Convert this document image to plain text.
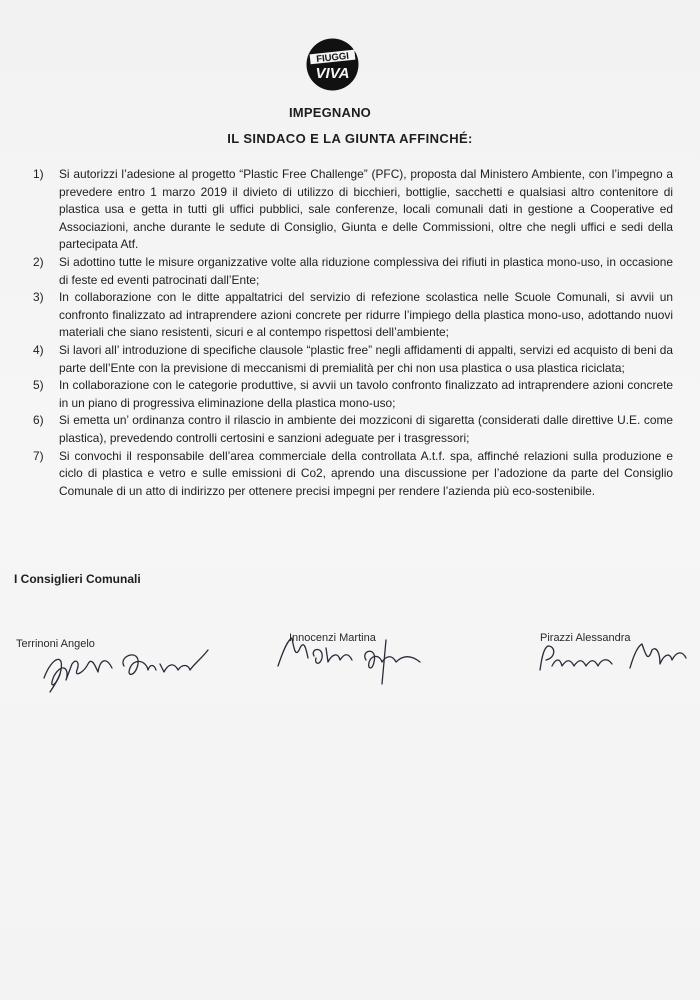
FIUGGI
VIVA
IMPEGNANO
IL SINDACO E LA GIUNTA AFFINCHÉ:
1)	Si autorizzi l’adesione al progetto “Plastic Free Challenge” (PFC), proposta dal Ministero Ambiente, con l’impegno a prevedere entro 1 marzo 2019 il divieto di utilizzo di bicchieri, bottiglie, sacchetti e qualsiasi altro contenitore di plastica usa e getta in tutti gli uffici pubblici, sale conferenze, locali comunali dati in gestione a Cooperative ed Associazioni, anche durante le sedute di Consiglio, Giunta e delle Commissioni, oltre che negli uffici e sedi della partecipata Atf.
2)	Si adottino tutte le misure organizzative volte alla riduzione complessiva dei rifiuti in plastica mono-uso, in occasione di feste ed eventi patrocinati dall’Ente;
3)	In collaborazione con le ditte appaltatrici del servizio di refezione scolastica nelle Scuole Comunali, si avvii un confronto finalizzato ad intraprendere azioni concrete per ridurre l’impiego della plastica mono-uso, adottando nuovi materiali che siano resistenti, sicuri e al contempo rispettosi dell’ambiente;
4)	Si lavori all’ introduzione di specifiche clausole “plastic free” negli affidamenti di appalti, servizi ed acquisto di beni da parte dell’Ente con la previsione di meccanismi di premialità per chi non usa plastica o usa plastica riciclata;
5)	In collaborazione con le categorie produttive, si avvii un tavolo confronto finalizzato ad intraprendere azioni concrete in un piano di progressiva eliminazione della plastica mono-uso;
6)	Si emetta un’ ordinanza contro il rilascio in ambiente dei mozziconi di sigaretta (considerati dalle direttive U.E. come plastica), prevedendo controlli certosini e sanzioni adeguate per i trasgressori;
7)	Si convochi il responsabile dell’area commerciale della controllata A.t.f. spa, affinché relazioni sulla produzione e ciclo di plastica e vetro e sulle emissioni di Co2, aprendo una discussione per l’adozione da parte del Consiglio Comunale di un atto di indirizzo per ottenere precisi impegni per rendere l’azienda più eco-sostenibile.
I Consiglieri Comunali
Terrinoni Angelo	Innocenzi Martina	Pirazzi Alessandra
